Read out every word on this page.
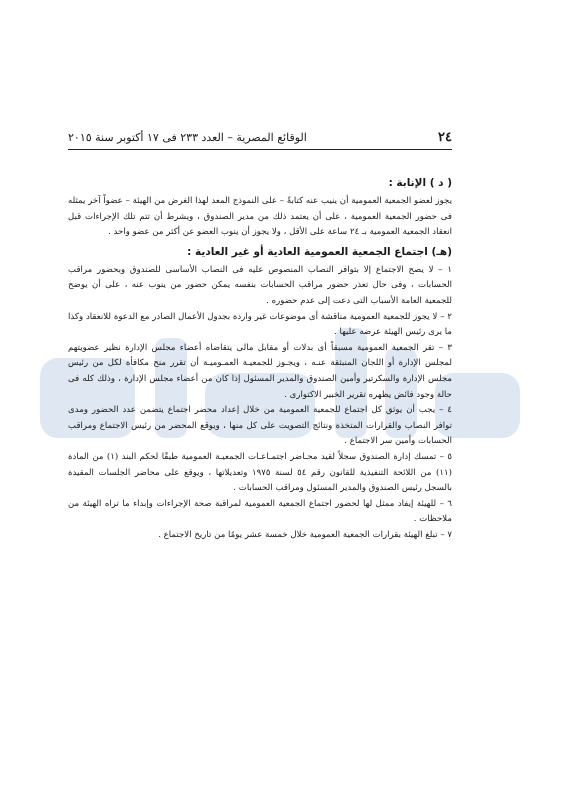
٢٤
الوقائع المصرية – العدد ٢٣٣ فى ١٧ أكتوبر سنة ٢٠١٥
( د ) الإنابة :

يجوز لعضو الجمعية العمومية أن ينيب عنه كتابةً – على النموذج المعد لهذا الغرض من الهيئة – عضواً آخر يمثله فى حضور الجمعية العمومية ، على أن يعتمد ذلك من مدير الصندوق ، ويشرط أن تتم تلك الإجراءات قبل انعقاد الجمعية العمومية بـ ٢٤ ساعة على الأقل ، ولا يجوز أن ينوب العضو عن أكثر من عضو واحد .

(هـ) اجتماع الجمعية العمومية العادية أو غير العادية :

١ – لا يصح الاجتماع إلا بتوافر النصاب المنصوص عليه فى النصاب الأساسى للصندوق وبحضور مراقب الحسابات ، وفى حال تعذر حضور مراقب الحسابات بنفسه يمكن حضور من ينوب عنه ، على أن يوضح للجمعية العامة الأسباب التى دعت إلى عدم حضوره .

٢ – لا يجوز للجمعية العمومية مناقشة أى موضوعات غير واردة بجدول الأعمال الصادر مع الدعوة للانعقاد وكذا ما يرى رئيس الهيئة عرضه عليها .

٣ – تقر الجمعية العمومية مسبقاً أى بدلات أو مقابل مالى يتقاضاه أعضاء مجلس الإدارة نظير عضويتهم لمجلس الإدارة أو اللجان المنبثقة عنـه ، ويجـوز للجمعيـة العمـوميـة أن تقرر منح مكافأة لكل من رئيس مجلس الإدارة والسكرتير وأمين الصندوق والمدير المسئول إذا كان من أعضاء مجلس الإدارة ، وذلك كله فى حالة وجود فائض يظهره تقرير الخبير الاكتوارى .

٤ – يجب أن يوثق كل اجتماع للجمعية العمومية من خلال إعداد محضر اجتماع يتضمن عدد الحضور ومدى توافر النصاب والقرارات المتخذة ونتائج التصويت على كل منها ، ويوقع المحضر من رئيس الاجتماع ومراقب الحسابات وأمين سر الاجتماع .

٥ – تمسك إدارة الصندوق سجلاً لقيد محـاضر اجتمـاعـات الجمعيـة العمومية طبقًا لحكم البند (١) من المادة (١١) من اللائحة التنفيذية للقانون رقم ٥٤ لسنة ١٩٧٥ وتعديلاتها ، ويوقع على محاضر الجلسات المقيدة بالسجل رئيس الصندوق والمدير المسئول ومراقب الحسابات .

٦ – للهيئة إيفاد ممثل لها لحضور اجتماع الجمعية العمومية لمراقبة صحة الإجراءات وإبداء ما تراه الهيئة من ملاحظات .

٧ – تبلغ الهيئة بقرارات الجمعية العمومية خلال خمسة عشر يومًا من تاريخ الاجتماع .
